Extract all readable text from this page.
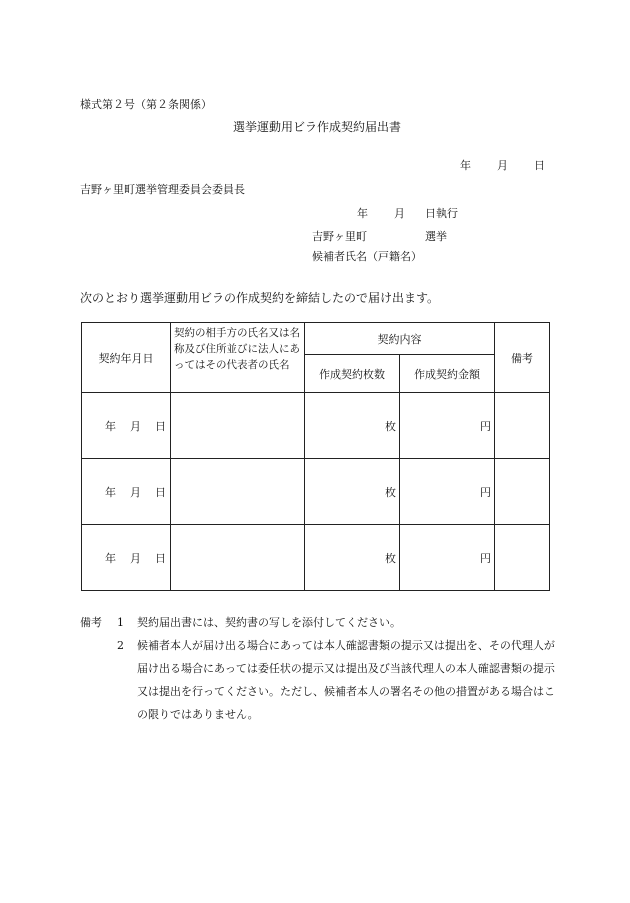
様式第２号（第２条関係）
選挙運動用ビラ作成契約届出書
年 月 日
吉野ヶ里町選挙管理委員会委員長
年 月 日執行
吉野ヶ里町	選挙
候補者氏名（戸籍名）
次のとおり選挙運動用ビラの作成契約を締結したので届け出ます。
契約年月日	契約の相手方の氏名又は名称及び住所並びに法人にあってはその代表者の氏名	契約内容		備考
		作成契約枚数	作成契約金額	
年 月 日		枚	円	
年 月 日		枚	円	
年 月 日		枚	円	
備考 1 契約届出書には、契約書の写しを添付してください。
2 候補者本人が届け出る場合にあっては本人確認書類の提示又は提出を、その代理人が届け出る場合にあっては委任状の提示又は提出及び当該代理人の本人確認書類の提示又は提出を行ってください。ただし、候補者本人の署名その他の措置がある場合はこの限りではありません。
